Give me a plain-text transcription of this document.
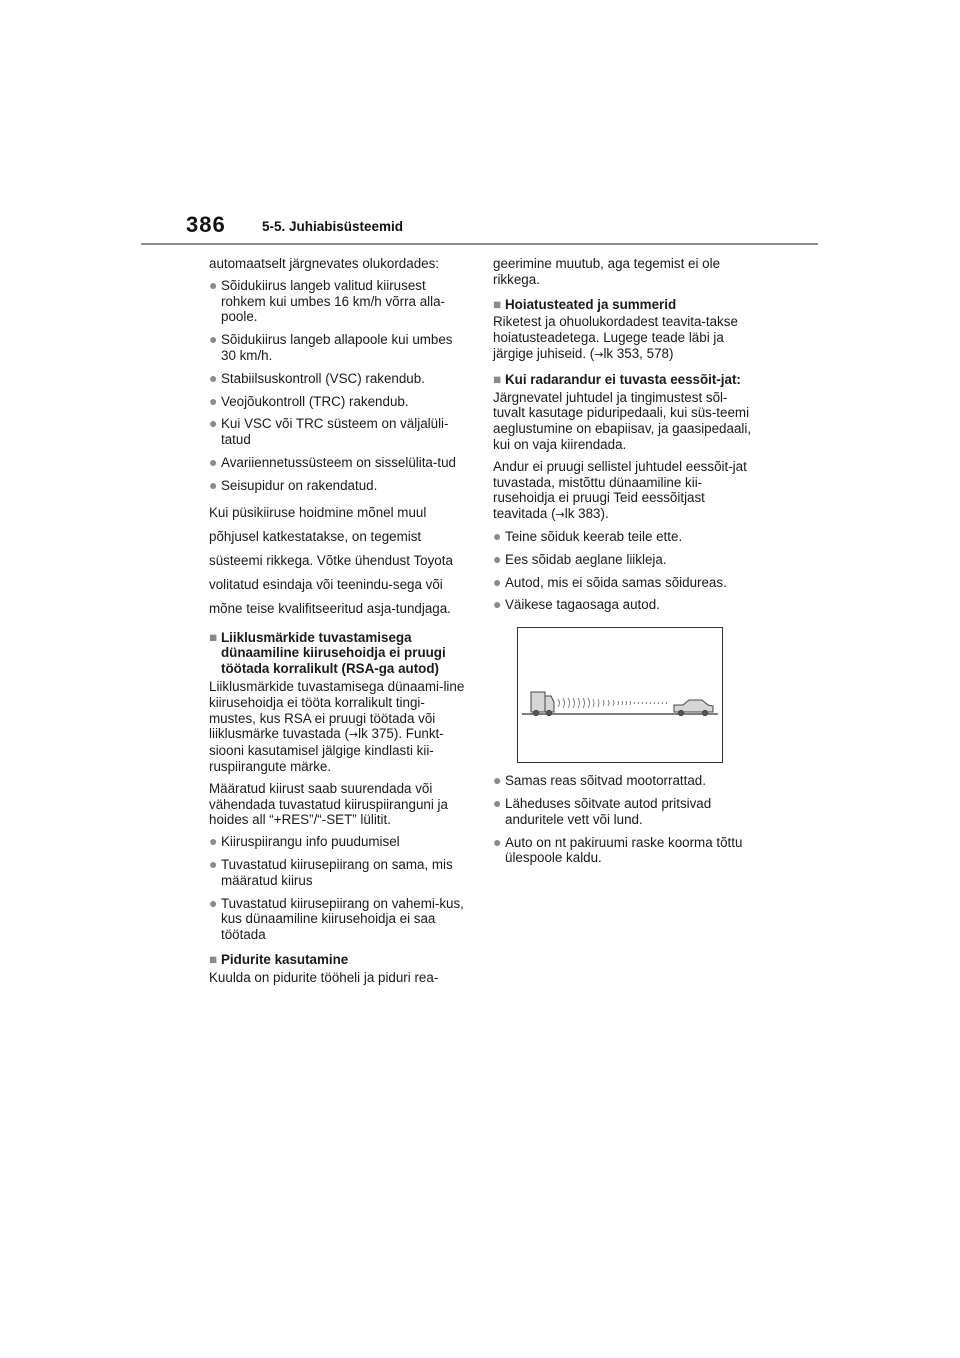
386	5-5. Juhiabisüsteemid

automaatselt järgnevates olukordades:

● Sõidukiirus langeb valitud kiirusest rohkem kui umbes 16 km/h võrra alla-poole.
● Sõidukiirus langeb allapoole kui umbes 30 km/h.
● Stabiilsuskontroll (VSC) rakendub.
● Veojõukontroll (TRC) rakendub.
● Kui VSC või TRC süsteem on väljalüli-tatud
● Avariiennetussüsteem on sisselülita-tud
● Seisupidur on rakendatud.

Kui püsikiiruse hoidmine mõnel muul põhjusel katkestatakse, on tegemist süsteemi rikkega. Võtke ühendust Toyota volitatud esindaja või teenindu-sega või mõne teise kvalifitseeritud asja-tundjaga.

■ Liiklusmärkide tuvastamisega dünaamiline kiirusehoidja ei pruugi töötada korralikult (RSA-ga autod)

Liiklusmärkide tuvastamisega dünaami-line kiirusehoidja ei tööta korralikult tingi-mustes, kus RSA ei pruugi töötada või liiklusmärke tuvastada (→lk 375). Funkt-siooni kasutamisel jälgige kindlasti kii-ruspiirangute märke.

Määratud kiirust saab suurendada või vähendada tuvastatud kiiruspiiranguni ja hoides all “+RES”/“-SET” lülitit.

● Kiiruspiirangu info puudumisel
● Tuvastatud kiirusepiirang on sama, mis määratud kiirus
● Tuvastatud kiirusepiirang on vahemi-kus, kus dünaamiline kiirusehoidja ei saa töötada
■ Pidurite kasutamine

Kuulda on pidurite tööheli ja piduri rea-

geerimine muutub, aga tegemist ei ole rikkega.

■ Hoiatusteated ja summerid

Riketest ja ohuolukordadest teavita-takse hoiatusteadetega. Lugege teade läbi ja järgige juhiseid. (→lk 353, 578)

■ Kui radarandur ei tuvasta eessõit-jat:

Järgnevatel juhtudel ja tingimustest sõl-tuvalt kasutage piduripedaali, kui süs-teemi aeglustumine on ebapiisav, ja gaasipedaali, kui on vaja kiirendada.

Andur ei pruugi sellistel juhtudel eessõit-jat tuvastada, mistõttu dünaamiline kii-rusehoidja ei pruugi Teid eessõitjast teavitada (→lk 383).

● Teine sõiduk keerab teile ette.
● Ees sõidab aeglane liikleja.
● Autod, mis ei sõida samas sõidureas.
● Väikese tagaosaga autod.
● Samas reas sõitvad mootorrattad.
● Läheduses sõitvate autod pritsivad anduritele vett või lund.
● Auto on nt pakiruumi raske koorma tõttu ülespoole kaldu.
